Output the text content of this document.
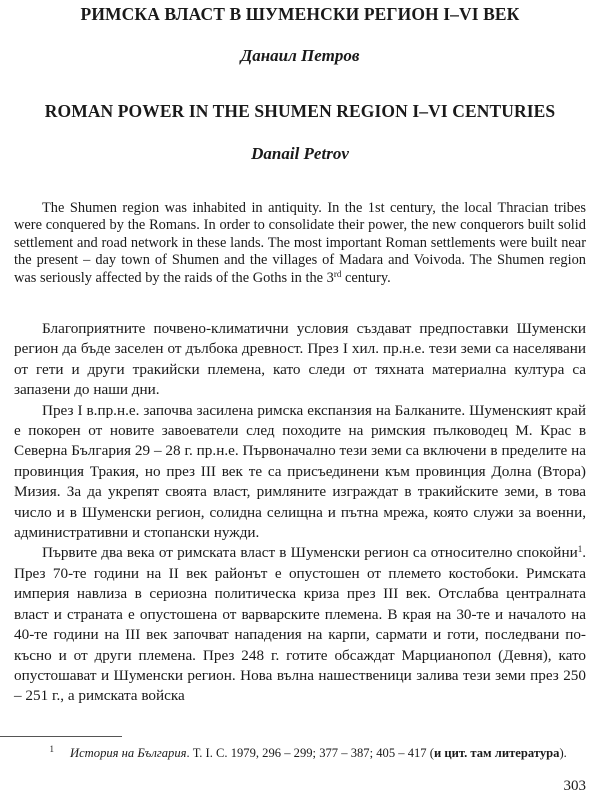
РИМСКА ВЛАСТ В ШУМЕНСКИ РЕГИОН I–VI ВЕК
Данаил Петров
ROMAN POWER IN THE SHUMEN REGION I–VI CENTURIES
Danail Petrov
The Shumen region was inhabited in antiquity. In the 1st century, the local Thracian tribes were conquered by the Romans. In order to consolidate their power, the new conquerors built solid settlement and road network in these lands. The most important Roman settlements were built near the present – day town of Shumen and the villages of Madara and Voivoda. The Shumen region was seriously affected by the raids of the Goths in the 3rd century.

Благоприятните почвено-климатични условия създават предпоставки Шуменски регион да бъде заселен от дълбока древност. През I хил. пр.н.е. тези земи са населявани от гети и други тракийски племена, като следи от тяхната материална култура са запазени до наши дни.

През I в.пр.н.е. започва засилена римска експанзия на Балканите. Шуменският край е покорен от новите завоеватели след походите на римския пълководец М. Крас в Северна България 29 – 28 г. пр.н.е. Първоначално тези земи са включени в пределите на провинция Тракия, но през III век те са присъединени към провинция Долна (Втора) Мизия. За да укрепят своята власт, римляните изграждат в тракийските земи, в това число и в Шуменски регион, солидна селищна и пътна мрежа, която служи за военни, административни и стопански нужди.

Първите два века от римската власт в Шуменски регион са относително спокойни$^1$. През 70-те години на II век районът е опустошен от племето костобоки. Римската империя навлиза в сериозна политическа криза през III век. Отслабва централната власт и страната е опустошена от варварските племена. В края на 30-те и началото на 40-те години на III век започват нападения на карпи, сармати и готи, последвани по-късно и от други племена. През 248 г. готите обсаждат Марцианопол (Девня), като опустошават и Шуменски регион. Нова вълна нашественици залива тези земи през 250 – 251 г., а римската войска

1 История на България. Т. I. С. 1979, 296 – 299; 377 – 387; 405 – 417 (и цит. там литература).
303
